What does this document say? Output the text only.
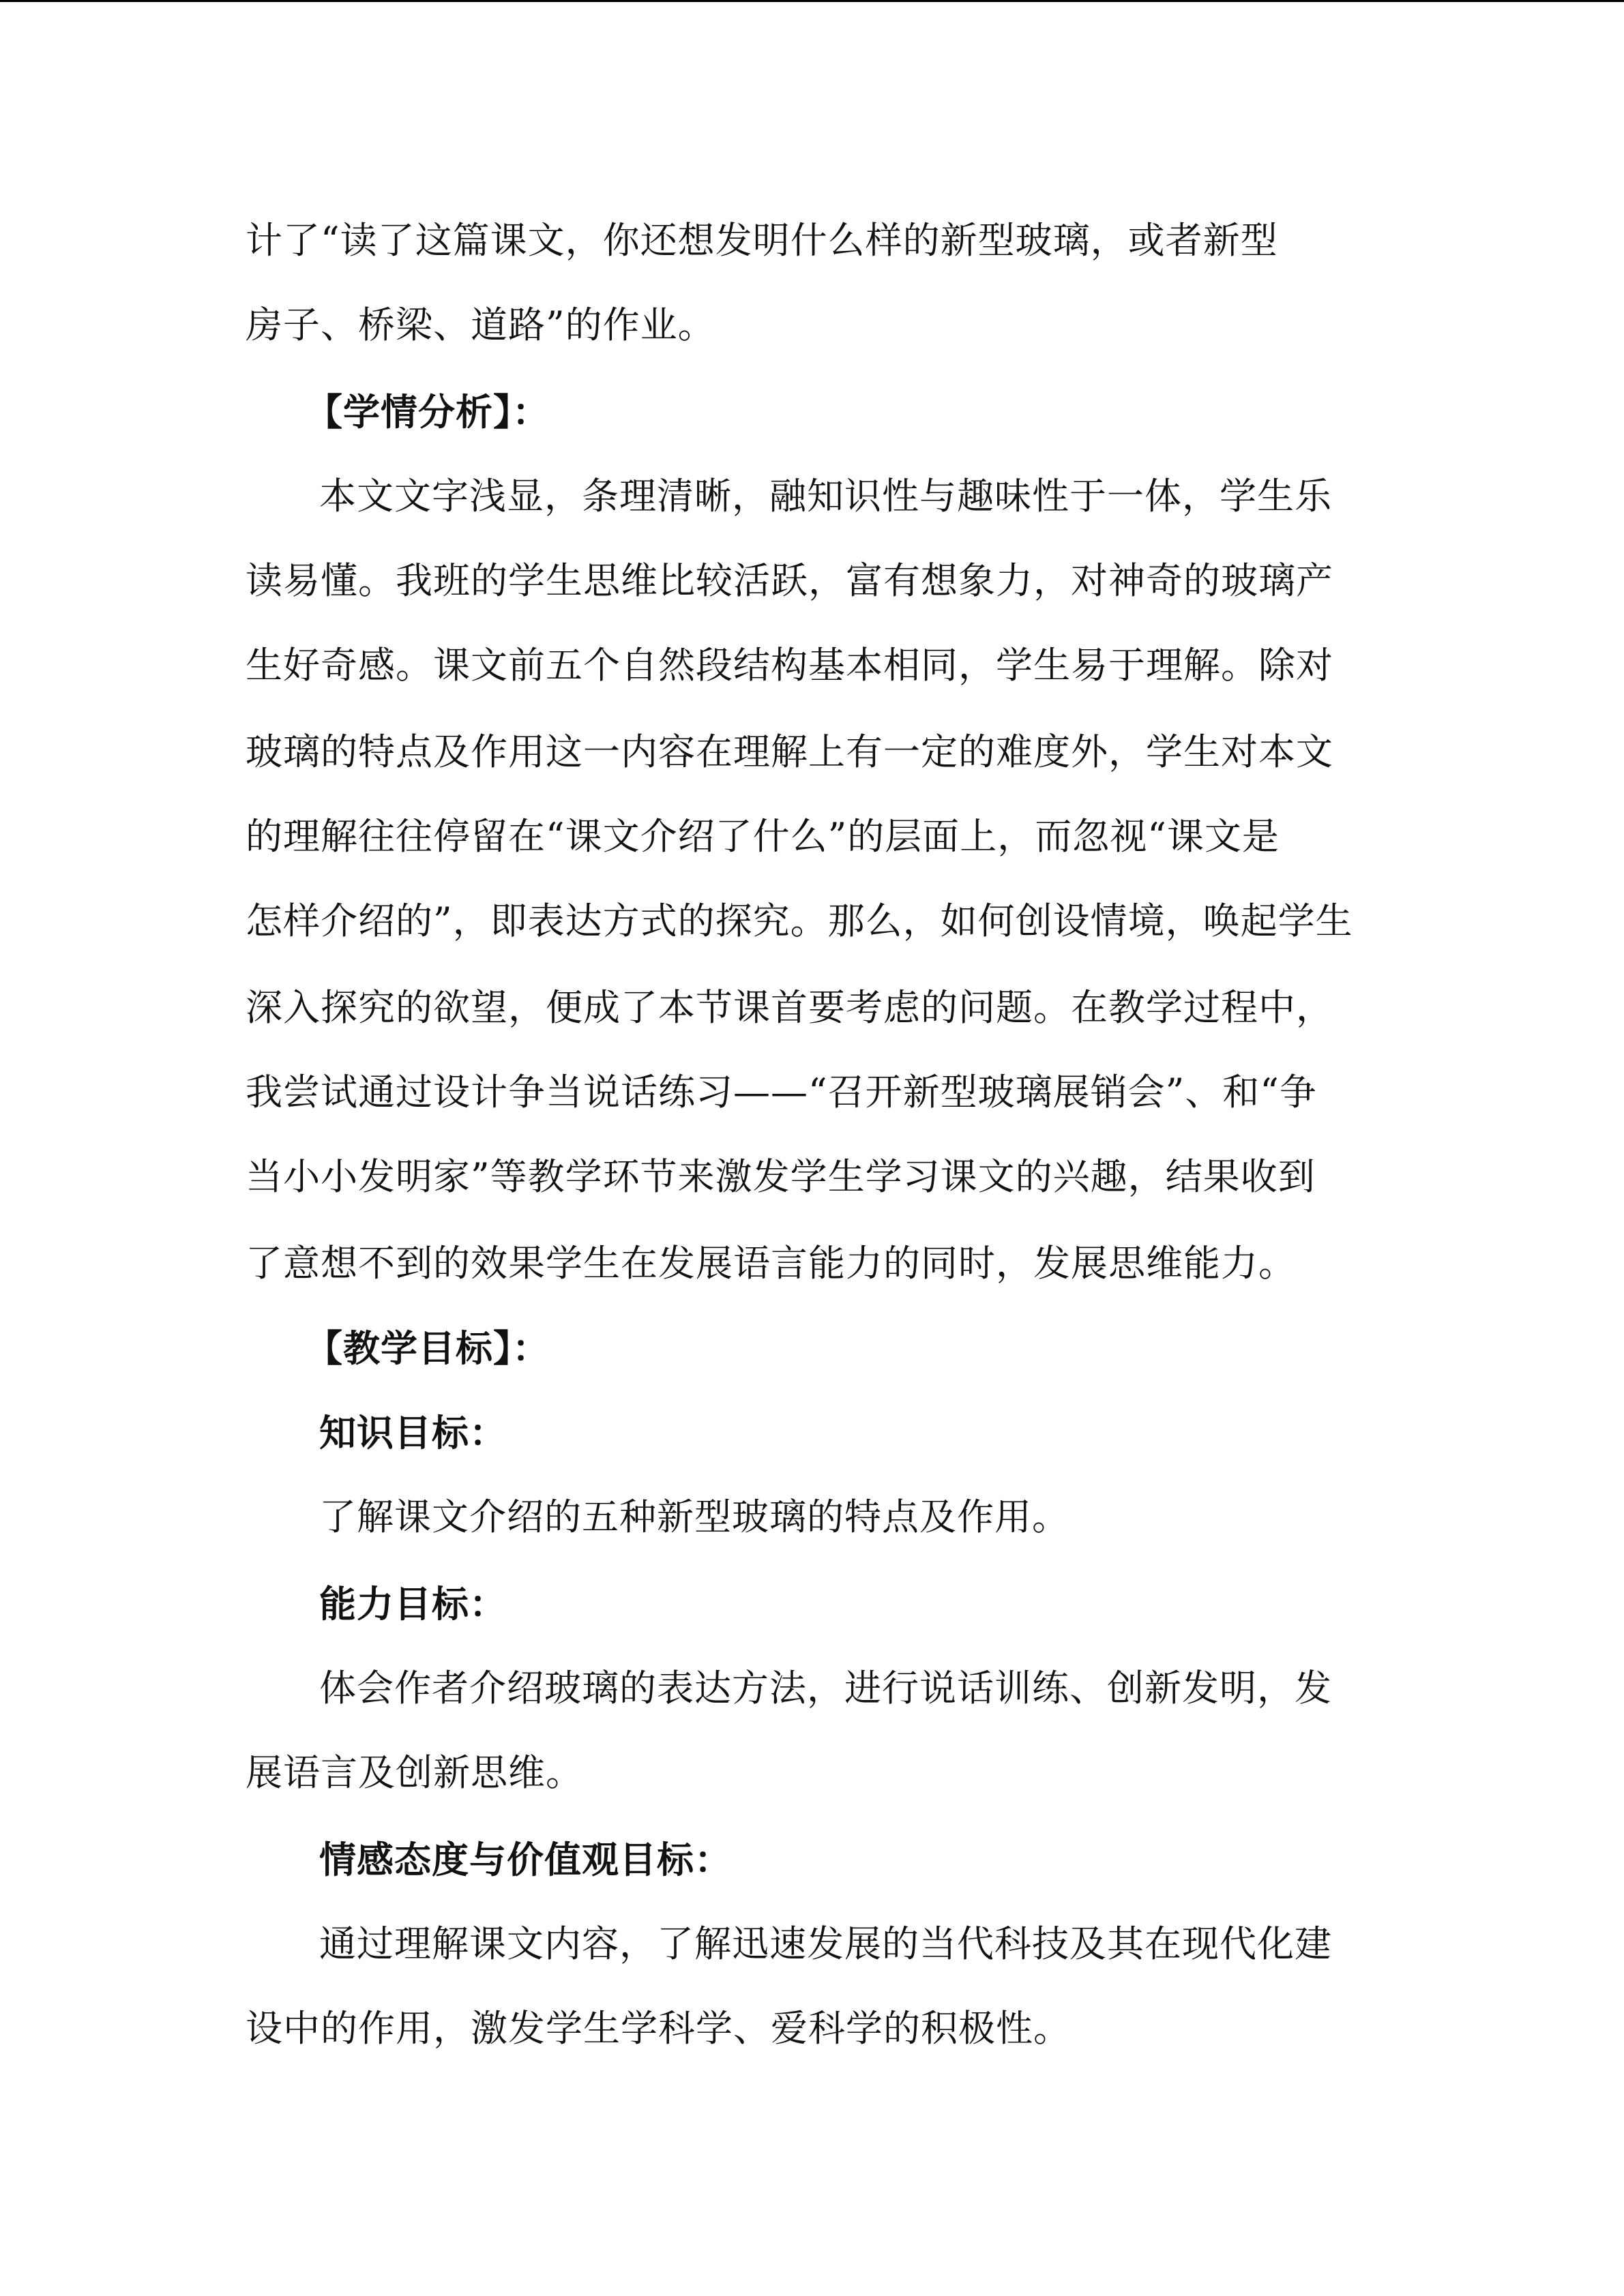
计了“读了这篇课文，你还想发明什么样的新型玻璃，或者新型
房子、桥梁、道路”的作业。
【学情分析】：
本文文字浅显，条理清晰，融知识性与趣味性于一体，学生乐
读易懂。我班的学生思维比较活跃，富有想象力，对神奇的玻璃产
生好奇感。课文前五个自然段结构基本相同，学生易于理解。除对
玻璃的特点及作用这一内容在理解上有一定的难度外，学生对本文
的理解往往停留在“课文介绍了什么”的层面上，而忽视“课文是
怎样介绍的”，即表达方式的探究。那么，如何创设情境，唤起学生
深入探究的欲望，便成了本节课首要考虑的问题。在教学过程中，
我尝试通过设计争当说话练习——“召开新型玻璃展销会”、和“争
当小小发明家”等教学环节来激发学生学习课文的兴趣，结果收到
了意想不到的效果学生在发展语言能力的同时，发展思维能力。
【教学目标】：
知识目标：
了解课文介绍的五种新型玻璃的特点及作用。
能力目标：
体会作者介绍玻璃的表达方法，进行说话训练、创新发明，发
展语言及创新思维。
情感态度与价值观目标：
通过理解课文内容，了解迅速发展的当代科技及其在现代化建
设中的作用，激发学生学科学、爱科学的积极性。
